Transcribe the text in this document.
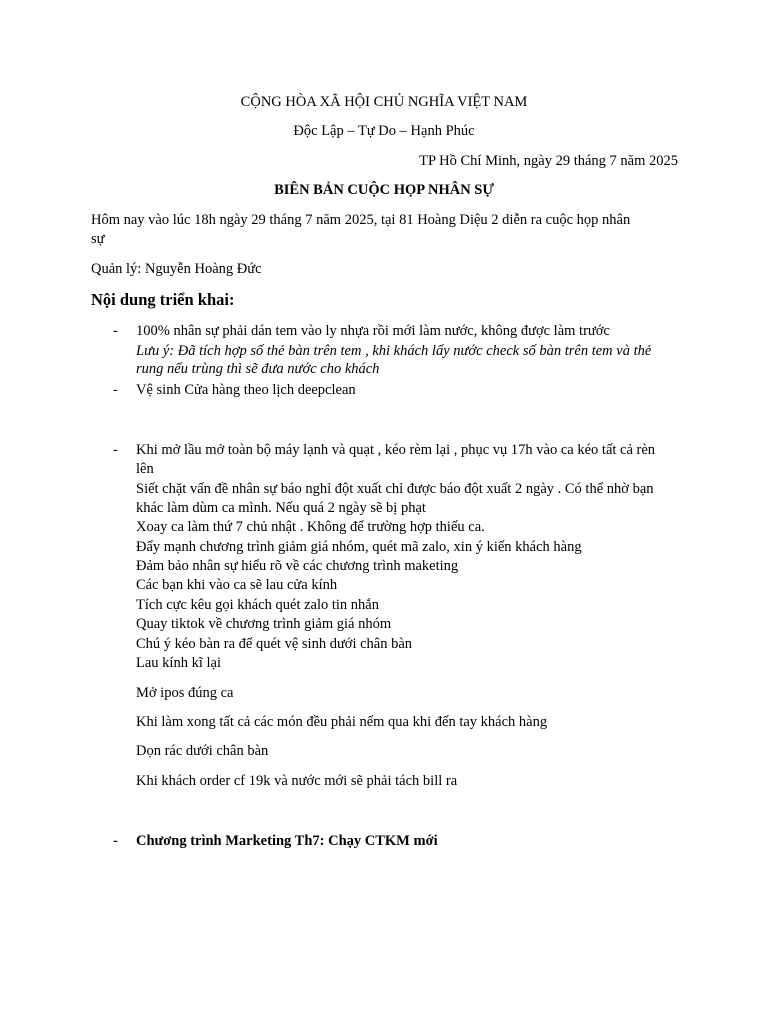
CỘNG HÒA XÃ HỘI CHỦ NGHĨA VIỆT NAM
Độc Lập – Tự Do – Hạnh Phúc
TP Hồ Chí Minh, ngày 29 tháng 7 năm 2025
BIÊN BẢN CUỘC HỌP NHÂN SỰ
Hôm nay vào lúc 18h ngày 29 tháng 7 năm 2025, tại 81 Hoàng Diệu 2 diễn ra cuộc họp nhân
sự
Quản lý: Nguyễn Hoàng Đức
Nội dung triển khai:
-	100% nhân sự phải dán tem vào ly nhựa rồi mới làm nước, không được làm trước
Lưu ý: Đã tích hợp số thẻ bàn trên tem , khi khách lấy nước check số bàn trên tem và thẻ
rung nếu trùng thì sẽ đưa nước cho khách
-	Vệ sinh Cửa hàng theo lịch deepclean
-	Khi mở lầu mở toàn bộ máy lạnh và quạt , kéo rèm lại , phục vụ 17h vào ca kéo tất cả rèn
lên
Siết chặt vấn đề nhân sự báo nghỉ đột xuất chỉ được báo đột xuất 2 ngày . Có thể nhờ bạn
khác làm dùm ca mình. Nếu quá 2 ngày sẽ bị phạt
Xoay ca làm thứ 7 chủ nhật . Không để trường hợp thiếu ca.
Đẩy mạnh chương trình giảm giá nhóm, quét mã zalo, xin ý kiến khách hàng
Đảm bảo nhân sự hiểu rõ về các chương trình maketing
Các bạn khi vào ca sẽ lau cửa kính
Tích cực kêu gọi khách quét zalo tin nhắn
Quay tiktok về chương trình giảm giá nhóm
Chú ý kéo bàn ra để quét vệ sinh dưới chân bàn
Lau kính kĩ lại
Mở ipos đúng ca
Khi làm xong tất cả các món đều phải nếm qua khi đến tay khách hàng
Dọn rác dưới chân bàn
Khi khách order cf 19k và nước mới sẽ phải tách bill ra
-	Chương trình Marketing Th7: Chạy CTKM mới
